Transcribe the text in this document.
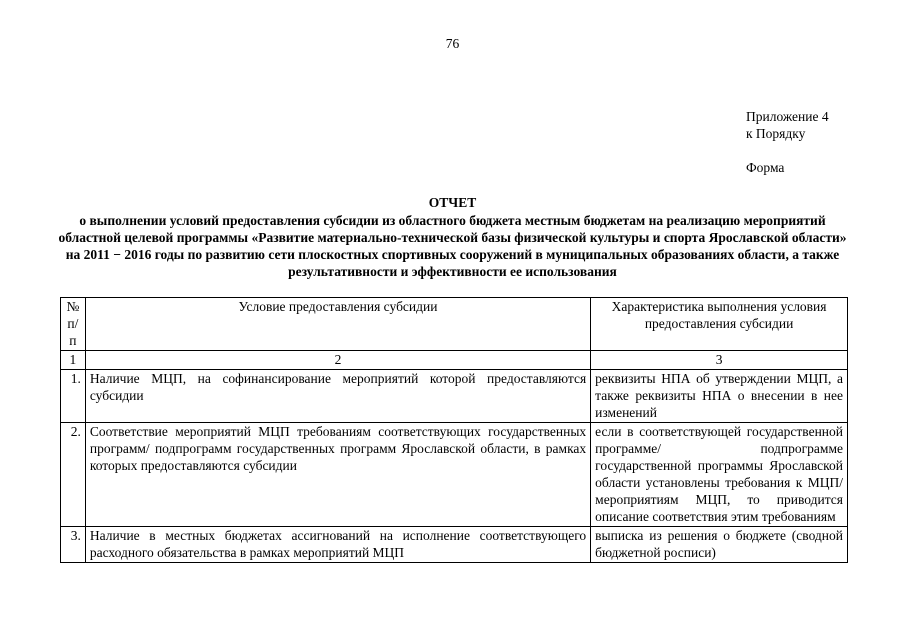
76
Приложение 4
к Порядку
Форма
ОТЧЕТ
о выполнении условий предоставления субсидии из областного бюджета местным бюджетам на реализацию мероприятий областной целевой программы «Развитие материально-технической базы физической культуры и спорта Ярославской области» на 2011 − 2016 годы по развитию сети плоскостных спортивных сооружений в муниципальных образованиях области, а также результативности и эффективности ее использования
№ п/п	Условие предоставления субсидии	Характеристика выполнения условия предоставления субсидии
1	2	3
1.	Наличие МЦП, на софинансирование мероприятий которой предоставляются субсидии	реквизиты НПА об утверждении МЦП, а также реквизиты НПА о внесении в нее изменений
2.	Соответствие мероприятий МЦП требованиям соответствующих государственных программ/ подпрограмм государственных программ Ярославской области, в рамках которых предоставляются субсидии	если в соответствующей государственной программе/ подпрограмме государственной программы Ярославской области установлены требования к МЦП/ мероприятиям МЦП, то приводится описание соответствия этим требованиям
3.	Наличие в местных бюджетах ассигнований на исполнение соответствующего расходного обязательства в рамках мероприятий МЦП	выписка из решения о бюджете (сводной бюджетной росписи)
